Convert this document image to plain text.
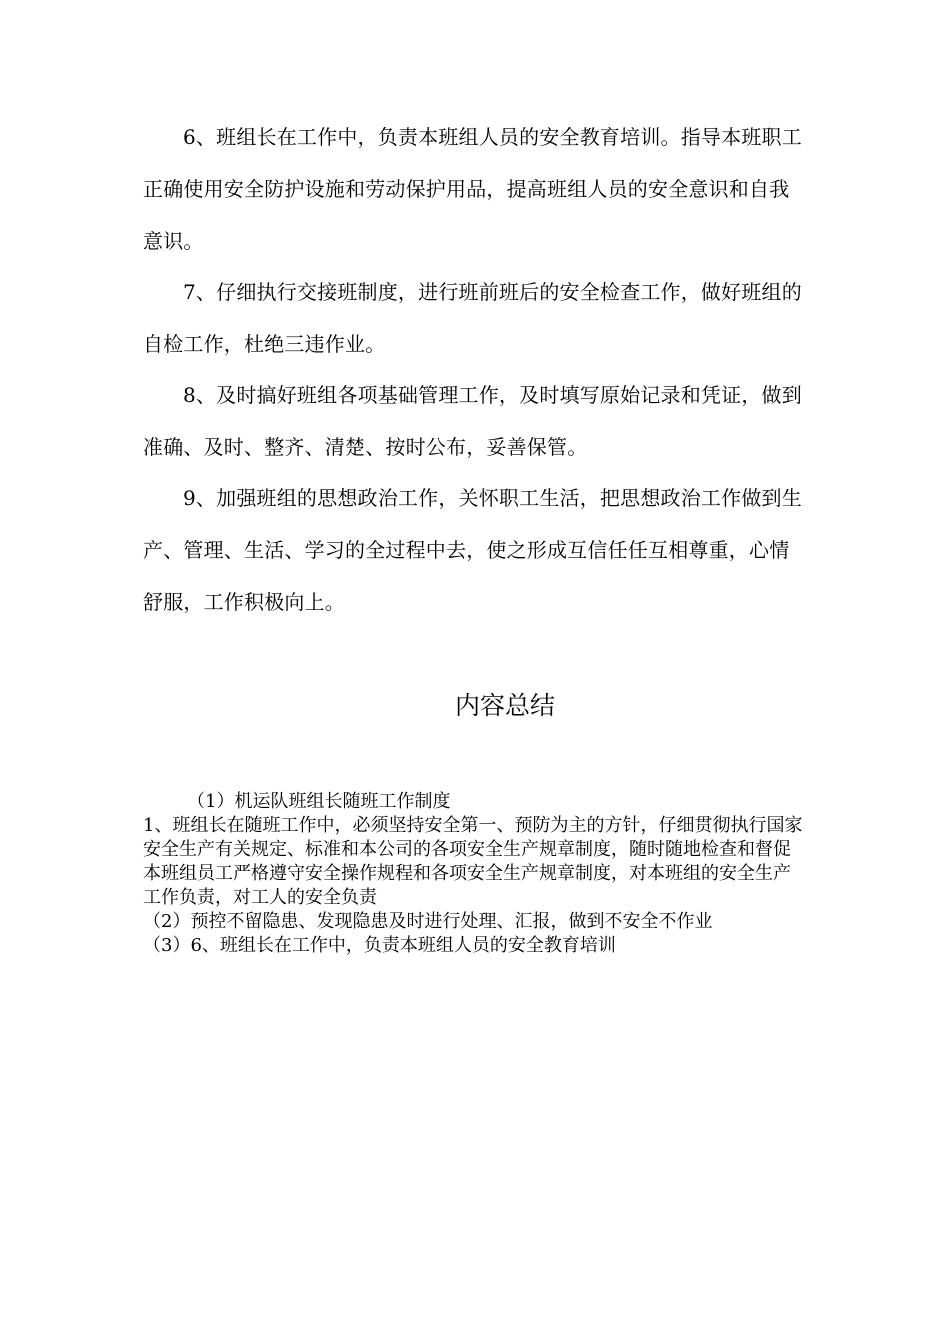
6、班组长在工作中，负责本班组人员的安全教育培训。指导本班职工正确使用安全防护设施和劳动保护用品，提高班组人员的安全意识和自我意识。

7、仔细执行交接班制度，进行班前班后的安全检查工作，做好班组的自检工作，杜绝三违作业。

8、及时搞好班组各项基础管理工作，及时填写原始记录和凭证，做到准确、及时、整齐、清楚、按时公布，妥善保管。

9、加强班组的思想政治工作，关怀职工生活，把思想政治工作做到生产、管理、生活、学习的全过程中去，使之形成互信任任互相尊重，心情舒服，工作积极向上。

内容总结

（1）机运队班组长随班工作制度

1、班组长在随班工作中，必须坚持安全第一、预防为主的方针，仔细贯彻执行国家安全生产有关规定、标准和本公司的各项安全生产规章制度，随时随地检查和督促本班组员工严格遵守安全操作规程和各项安全生产规章制度，对本班组的安全生产工作负责，对工人的安全负责

（2）预控不留隐患、发现隐患及时进行处理、汇报，做到不安全不作业

（3）6、班组长在工作中，负责本班组人员的安全教育培训
